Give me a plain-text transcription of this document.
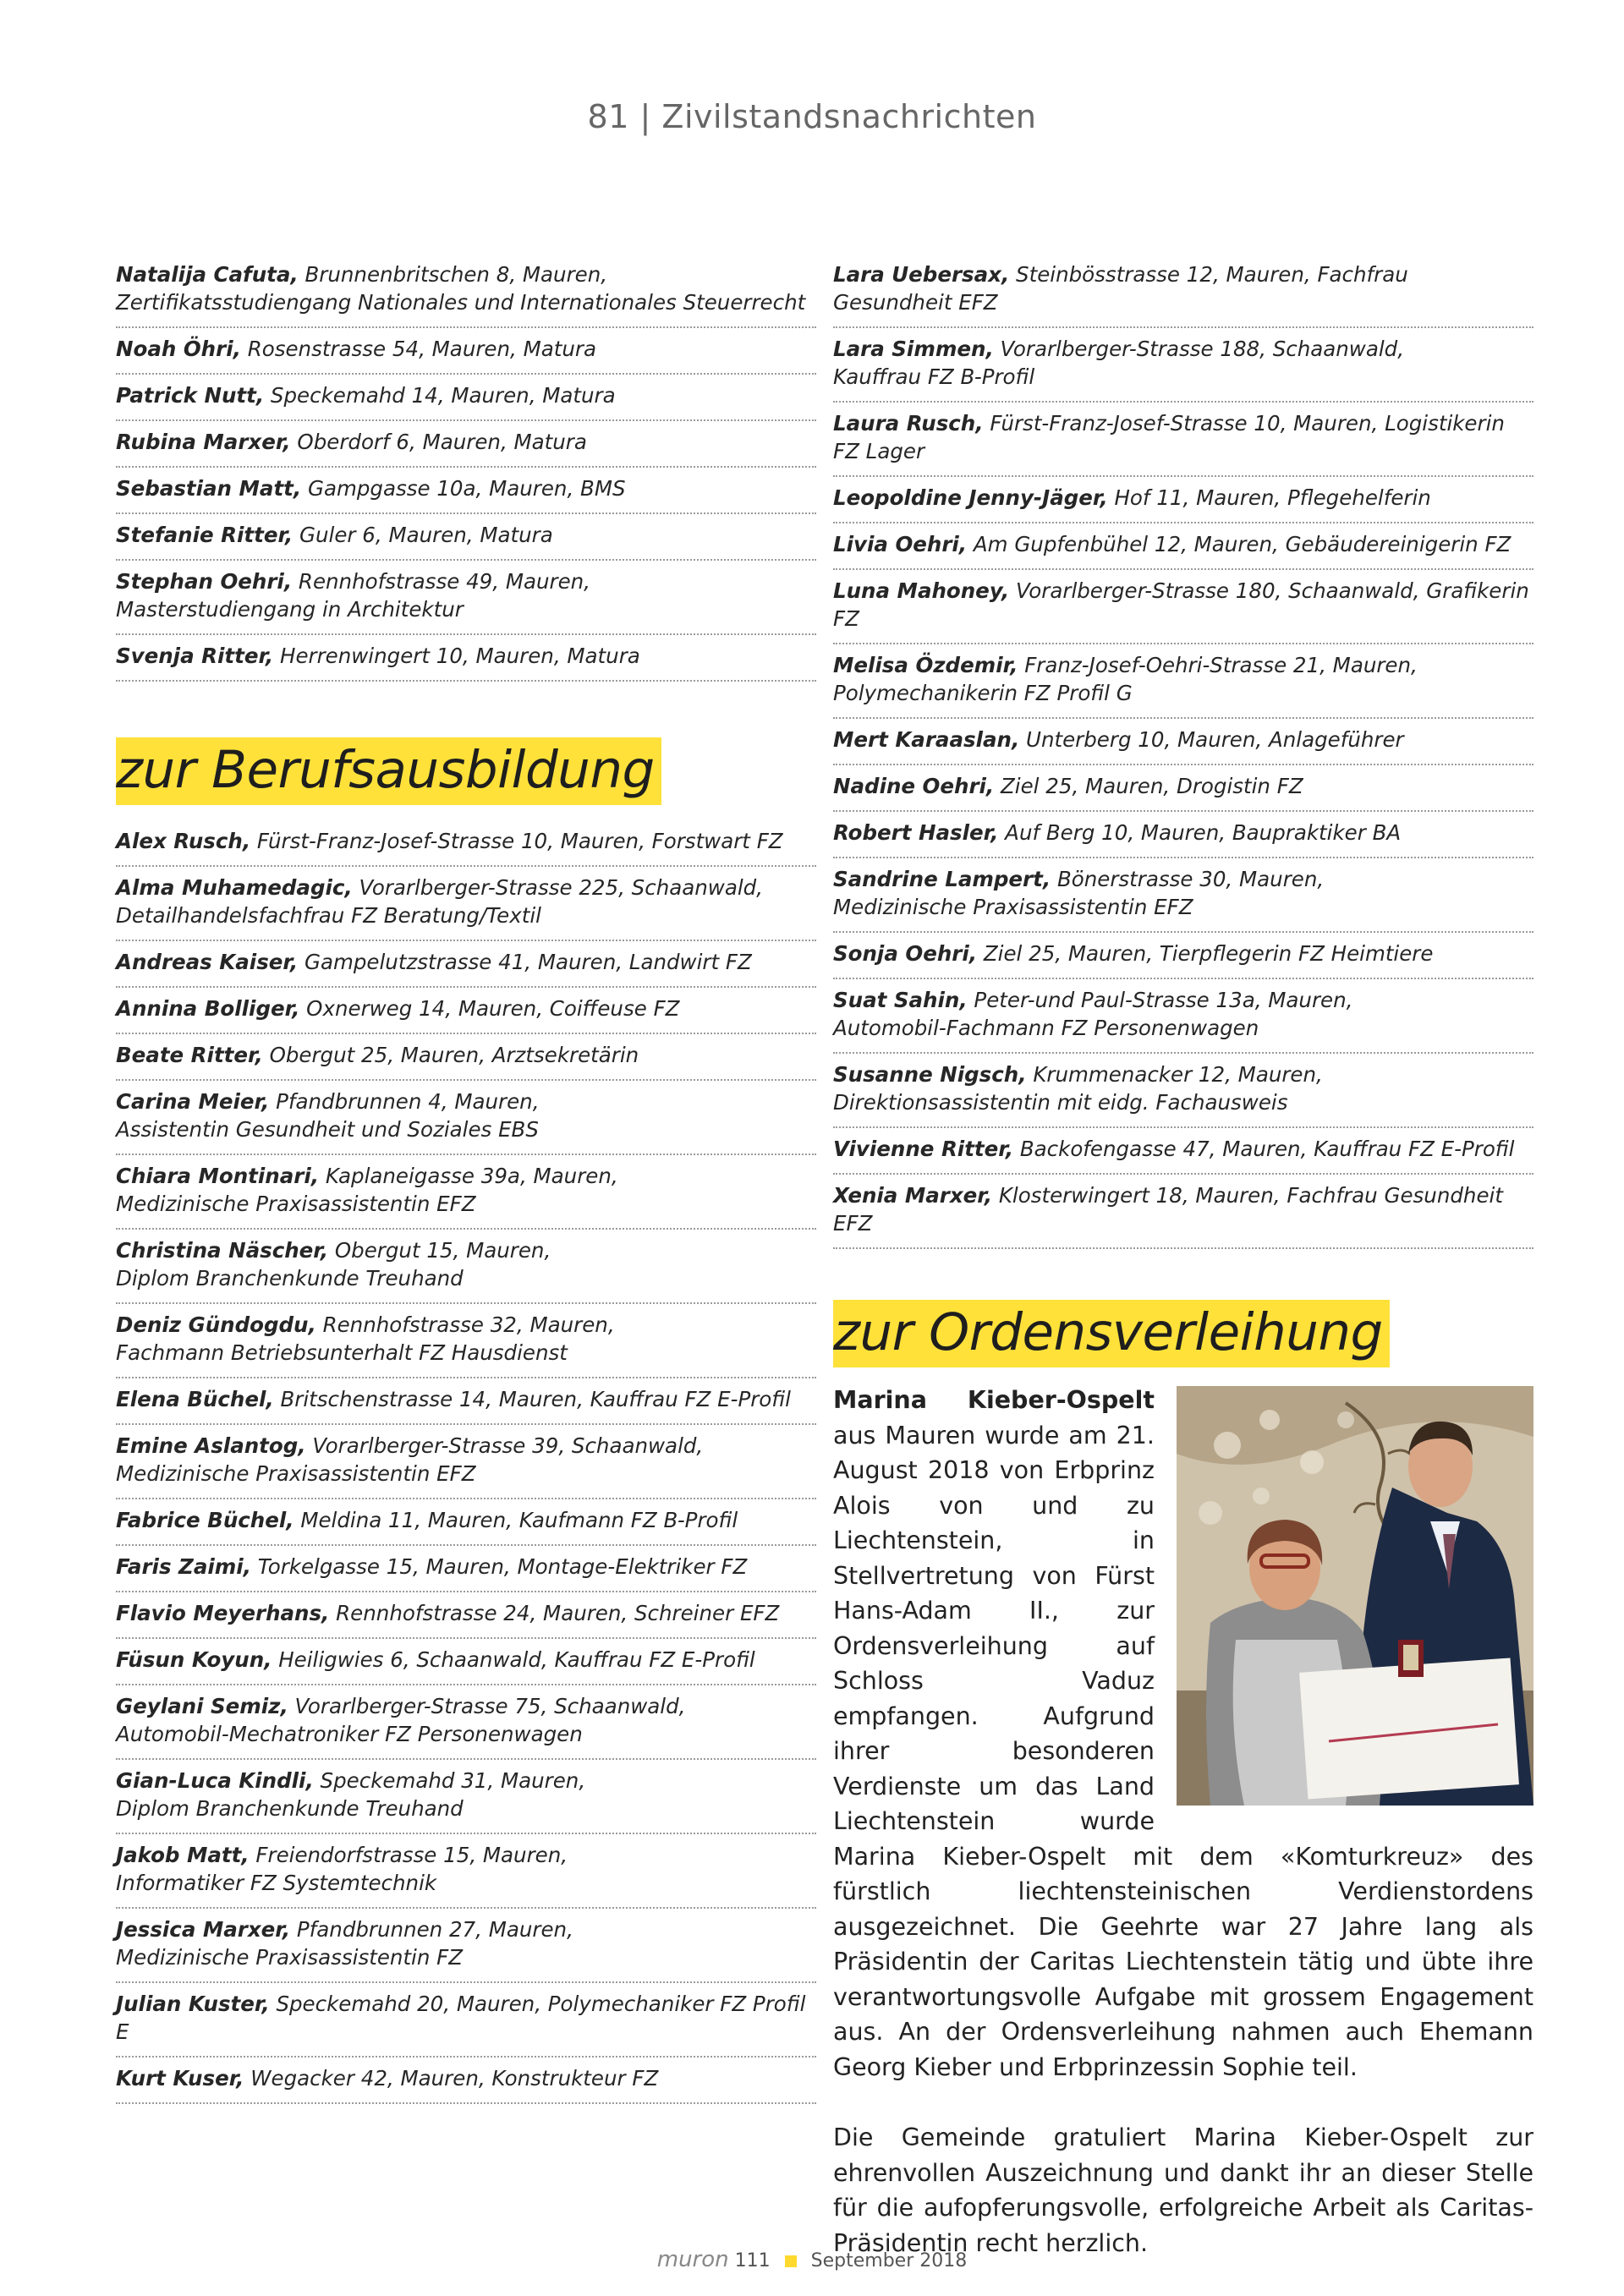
81 | Zivilstandsnachrichten
Natalija Cafuta, Brunnenbritschen 8, Mauren,
Zertifikatsstudiengang Nationales und Internationales Steuerrecht
Noah Öhri, Rosenstrasse 54, Mauren, Matura
Patrick Nutt, Speckemahd 14, Mauren, Matura
Rubina Marxer, Oberdorf 6, Mauren, Matura
Sebastian Matt, Gampgasse 10a, Mauren, BMS
Stefanie Ritter, Guler 6, Mauren, Matura
Stephan Oehri, Rennhofstrasse 49, Mauren,
Masterstudiengang in Architektur
Svenja Ritter, Herrenwingert 10, Mauren, Matura
zur Berufsausbildung
Alex Rusch, Fürst-Franz-Josef-Strasse 10, Mauren, Forstwart FZ
Alma Muhamedagic, Vorarlberger-Strasse 225, Schaanwald,
Detailhandelsfachfrau FZ Beratung/Textil
Andreas Kaiser, Gampelutzstrasse 41, Mauren, Landwirt FZ
Annina Bolliger, Oxnerweg 14, Mauren, Coiffeuse FZ
Beate Ritter, Obergut 25, Mauren, Arztsekretärin
Carina Meier, Pfandbrunnen 4, Mauren,
Assistentin Gesundheit und Soziales EBS
Chiara Montinari, Kaplaneigasse 39a, Mauren,
Medizinische Praxisassistentin EFZ
Christina Näscher, Obergut 15, Mauren,
Diplom Branchenkunde Treuhand
Deniz Gündogdu, Rennhofstrasse 32, Mauren,
Fachmann Betriebsunterhalt FZ Hausdienst
Elena Büchel, Britschenstrasse 14, Mauren, Kauffrau FZ E-Profil
Emine Aslantog, Vorarlberger-Strasse 39, Schaanwald,
Medizinische Praxisassistentin EFZ
Fabrice Büchel, Meldina 11, Mauren, Kaufmann FZ B-Profil
Faris Zaimi, Torkelgasse 15, Mauren, Montage-Elektriker FZ
Flavio Meyerhans, Rennhofstrasse 24, Mauren, Schreiner EFZ
Füsun Koyun, Heiligwies 6, Schaanwald, Kauffrau FZ E-Profil
Geylani Semiz, Vorarlberger-Strasse 75, Schaanwald,
Automobil-Mechatroniker FZ Personenwagen
Gian-Luca Kindli, Speckemahd 31, Mauren,
Diplom Branchenkunde Treuhand
Jakob Matt, Freiendorfstrasse 15, Mauren,
Informatiker FZ Systemtechnik
Jessica Marxer, Pfandbrunnen 27, Mauren,
Medizinische Praxisassistentin FZ
Julian Kuster, Speckemahd 20, Mauren, Polymechaniker FZ Profil E
Kurt Kuser, Wegacker 42, Mauren, Konstrukteur FZ
Lara Uebersax, Steinbösstrasse 12, Mauren, Fachfrau Gesundheit EFZ
Lara Simmen, Vorarlberger-Strasse 188, Schaanwald,
Kauffrau FZ B-Profil
Laura Rusch, Fürst-Franz-Josef-Strasse 10, Mauren, Logistikerin FZ Lager
Leopoldine Jenny-Jäger, Hof 11, Mauren, Pflegehelferin
Livia Oehri, Am Gupfenbühel 12, Mauren, Gebäudereinigerin FZ
Luna Mahoney, Vorarlberger-Strasse 180, Schaanwald, Grafikerin FZ
Melisa Özdemir, Franz-Josef-Oehri-Strasse 21, Mauren,
Polymechanikerin FZ Profil G
Mert Karaaslan, Unterberg 10, Mauren, Anlageführer
Nadine Oehri, Ziel 25, Mauren, Drogistin FZ
Robert Hasler, Auf Berg 10, Mauren, Baupraktiker BA
Sandrine Lampert, Bönerstrasse 30, Mauren,
Medizinische Praxisassistentin EFZ
Sonja Oehri, Ziel 25, Mauren, Tierpflegerin FZ Heimtiere
Suat Sahin, Peter-und Paul-Strasse 13a, Mauren,
Automobil-Fachmann FZ Personenwagen
Susanne Nigsch, Krummenacker 12, Mauren,
Direktionsassistentin mit eidg. Fachausweis
Vivienne Ritter, Backofengasse 47, Mauren, Kauffrau FZ E-Profil
Xenia Marxer, Klosterwingert 18, Mauren, Fachfrau Gesundheit EFZ
zur Ordensverleihung
Marina Kieber-Ospelt aus Mauren wurde am 21. August 2018 von Erbprinz Alois von und zu Liechtenstein, in Stellvertretung von Fürst Hans-Adam II., zur Ordensverleihung auf Schloss Vaduz empfangen. Aufgrund ihrer besonderen Verdienste um das Land Liechtenstein wurde Marina Kieber-Ospelt mit dem «Komturkreuz» des fürstlich liechtensteinischen Verdienstordens ausgezeichnet. Die Geehrte war 27 Jahre lang als Präsidentin der Caritas Liechtenstein tätig und übte ihre verantwortungsvolle Aufgabe mit grossem Engagement aus. An der Ordensverleihung nahmen auch Ehemann Georg Kieber und Erbprinzessin Sophie teil.
Die Gemeinde gratuliert Marina Kieber-Ospelt zur ehrenvollen Auszeichnung und dankt ihr an dieser Stelle für die aufopferungsvolle, erfolgreiche Arbeit als Caritas-Präsidentin recht herzlich.
muron 111 September 2018
